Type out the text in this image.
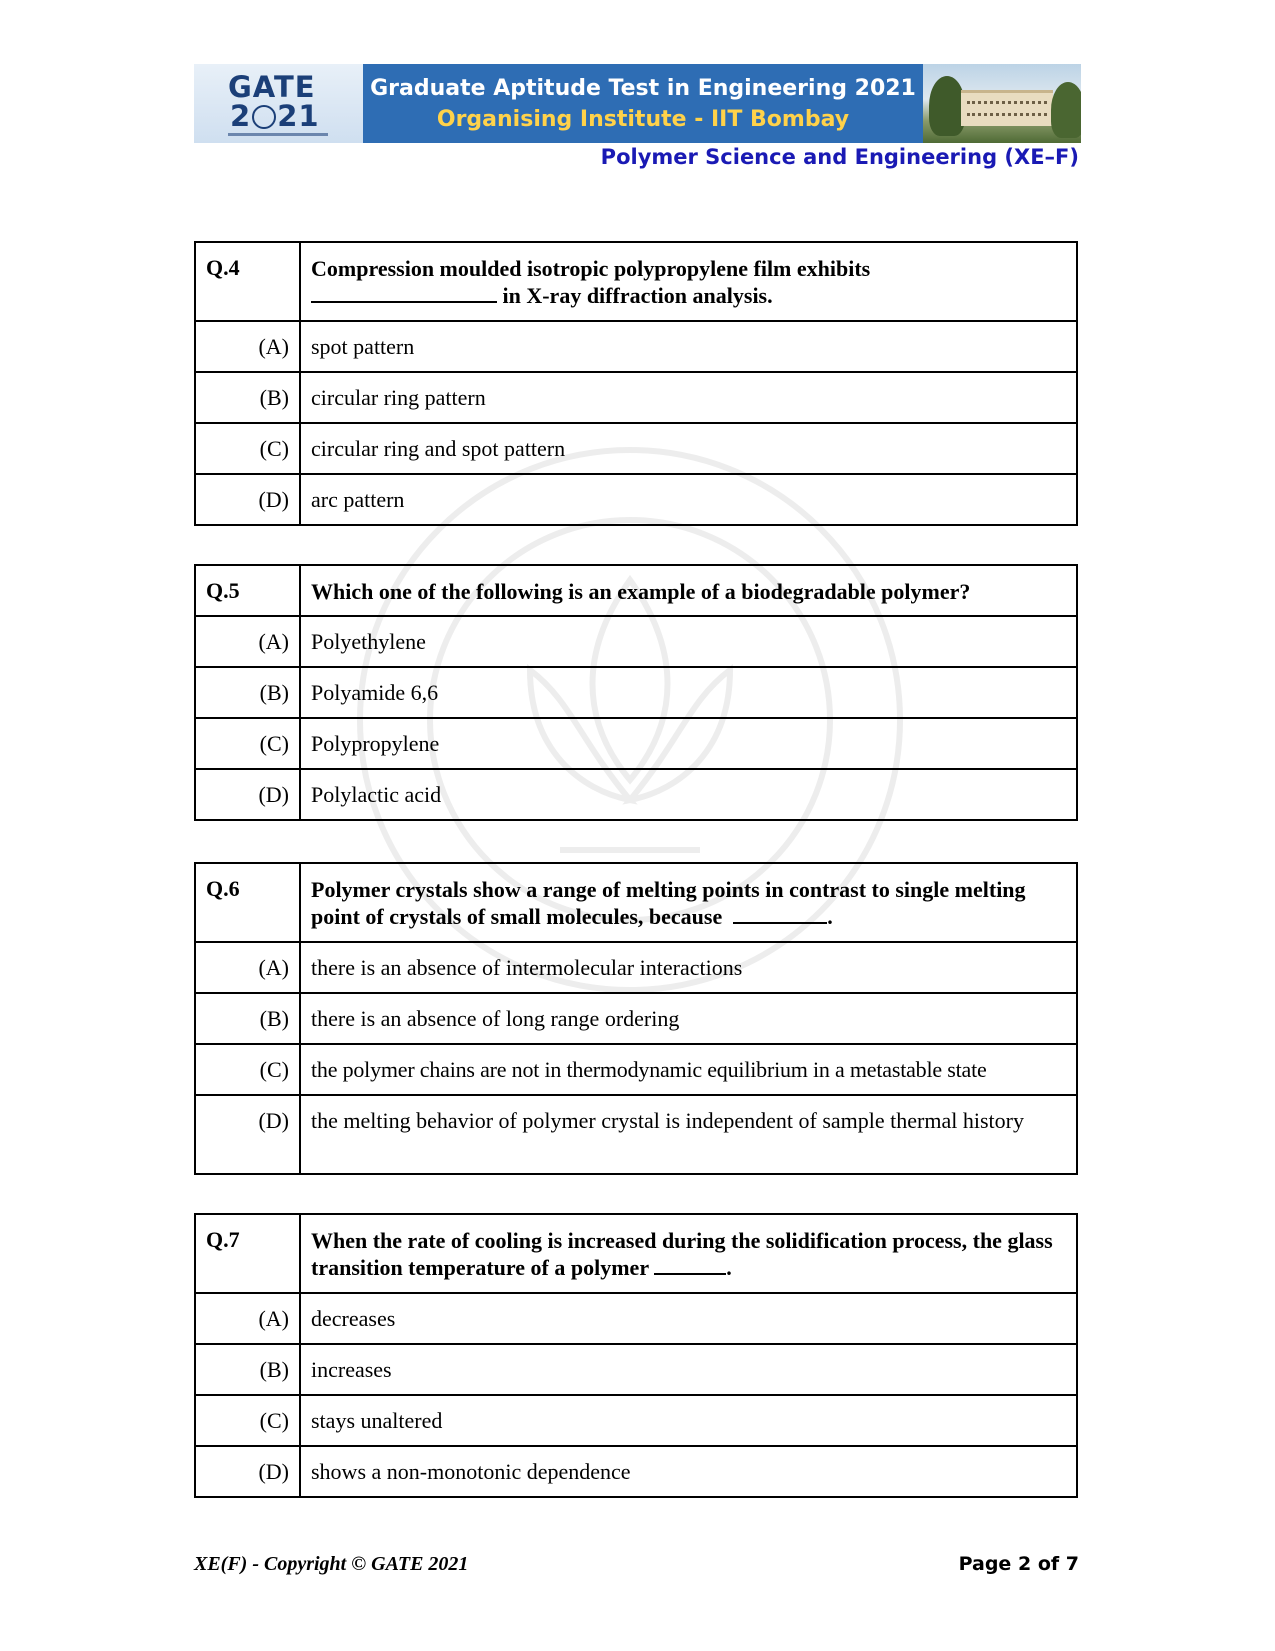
GATE
2 21
Graduate Aptitude Test in Engineering 2021
Organising Institute - IIT Bombay
Polymer Science and Engineering (XE–F)
Q.4	Compression moulded isotropic polypropylene film exhibits
in X-ray diffraction analysis.
(A)	spot pattern
(B)	circular ring pattern
(C)	circular ring and spot pattern
(D)	arc pattern
Q.5	Which one of the following is an example of a biodegradable polymer?
(A)	Polyethylene
(B)	Polyamide 6,6
(C)	Polypropylene
(D)	Polylactic acid
Q.6	Polymer crystals show a range of melting points in contrast to single melting point of crystals of small molecules, because .
(A)	there is an absence of intermolecular interactions
(B)	there is an absence of long range ordering
(C)	the polymer chains are not in thermodynamic equilibrium in a metastable state
(D)	the melting behavior of polymer crystal is independent of sample thermal history
Q.7	When the rate of cooling is increased during the solidification process, the glass transition temperature of a polymer .
(A)	decreases
(B)	increases
(C)	stays unaltered
(D)	shows a non-monotonic dependence
XE(F) - Copyright © GATE 2021	Page 2 of 7
